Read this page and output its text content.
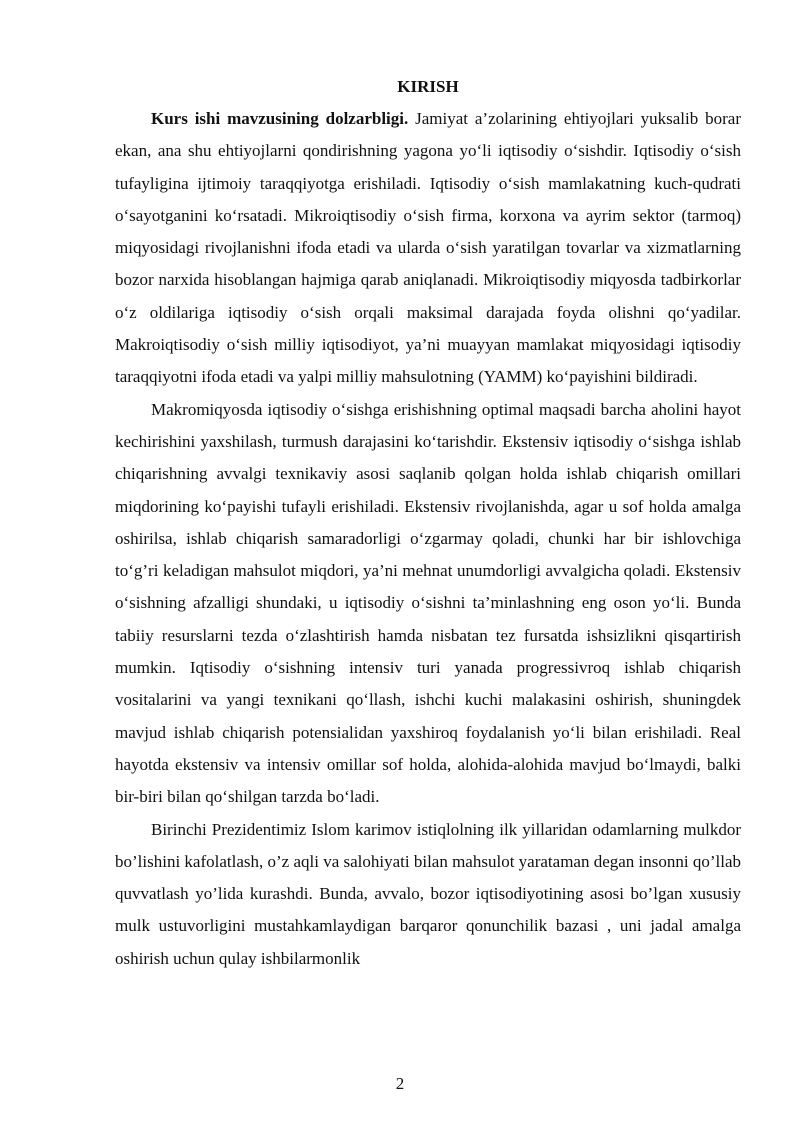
KIRISH

Kurs ishi mavzusining dolzarbligi. Jamiyat a’zolarining ehtiyojlari yuksalib borar ekan, ana shu ehtiyojlarni qondirishning yagona yo‘li iqtisodiy o‘sishdir. Iqtisodiy o‘sish tufayligina ijtimoiy taraqqiyotga erishiladi. Iqtisodiy o‘sish mamlakatning kuch-qudrati o‘sayotganini ko‘rsatadi. Mikroiqtisodiy o‘sish firma, korxona va ayrim sektor (tarmoq) miqyosidagi rivojlanishni ifoda etadi va ularda o‘sish yaratilgan tovarlar va xizmatlarning bozor narxida hisoblangan hajmiga qarab aniqlanadi. Mikroiqtisodiy miqyosda tadbirkorlar o‘z oldilariga iqtisodiy o‘sish orqali maksimal darajada foyda olishni qo‘yadilar. Makroiqtisodiy o‘sish milliy iqtisodiyot, ya’ni muayyan mamlakat miqyosidagi iqtisodiy taraqqiyotni ifoda etadi va yalpi milliy mahsulotning (YAMM) ko‘payishini bildiradi.

Makromiqyosda iqtisodiy o‘sishga erishishning optimal maqsadi barcha aholini hayot kechirishini yaxshilash, turmush darajasini ko‘tarishdir. Ekstensiv iqtisodiy o‘sishga ishlab chiqarishning avvalgi texnikaviy asosi saqlanib qolgan holda ishlab chiqarish omillari miqdorining ko‘payishi tufayli erishiladi. Ekstensiv rivojlanishda, agar u sof holda amalga oshirilsa, ishlab chiqarish samaradorligi o‘zgarmay qoladi, chunki har bir ishlovchiga to‘g’ri keladigan mahsulot miqdori, ya’ni mehnat unumdorligi avvalgicha qoladi. Ekstensiv o‘sishning afzalligi shundaki, u iqtisodiy o‘sishni ta’minlashning eng oson yo‘li. Bunda tabiiy resurslarni tezda o‘zlashtirish hamda nisbatan tez fursatda ishsizlikni qisqartirish mumkin. Iqtisodiy o‘sishning intensiv turi yanada progressivroq ishlab chiqarish vositalarini va yangi texnikani qo‘llash, ishchi kuchi malakasini oshirish, shuningdek mavjud ishlab chiqarish potensialidan yaxshiroq foydalanish yo‘li bilan erishiladi. Real hayotda ekstensiv va intensiv omillar sof holda, alohida-alohida mavjud bo‘lmaydi, balki bir-biri bilan qo‘shilgan tarzda bo‘ladi.

Birinchi Prezidentimiz Islom karimov istiqlolning ilk yillaridan odamlarning mulkdor bo’lishini kafolatlash, o’z aqli va salohiyati bilan mahsulot yarataman degan insonni qo’llab quvvatlash yo’lida kurashdi. Bunda, avvalo, bozor iqtisodiyotining asosi bo’lgan xususiy mulk ustuvorligini mustahkamlaydigan barqaror qonunchilik bazasi , uni jadal amalga oshirish uchun qulay ishbilarmonlik

2
